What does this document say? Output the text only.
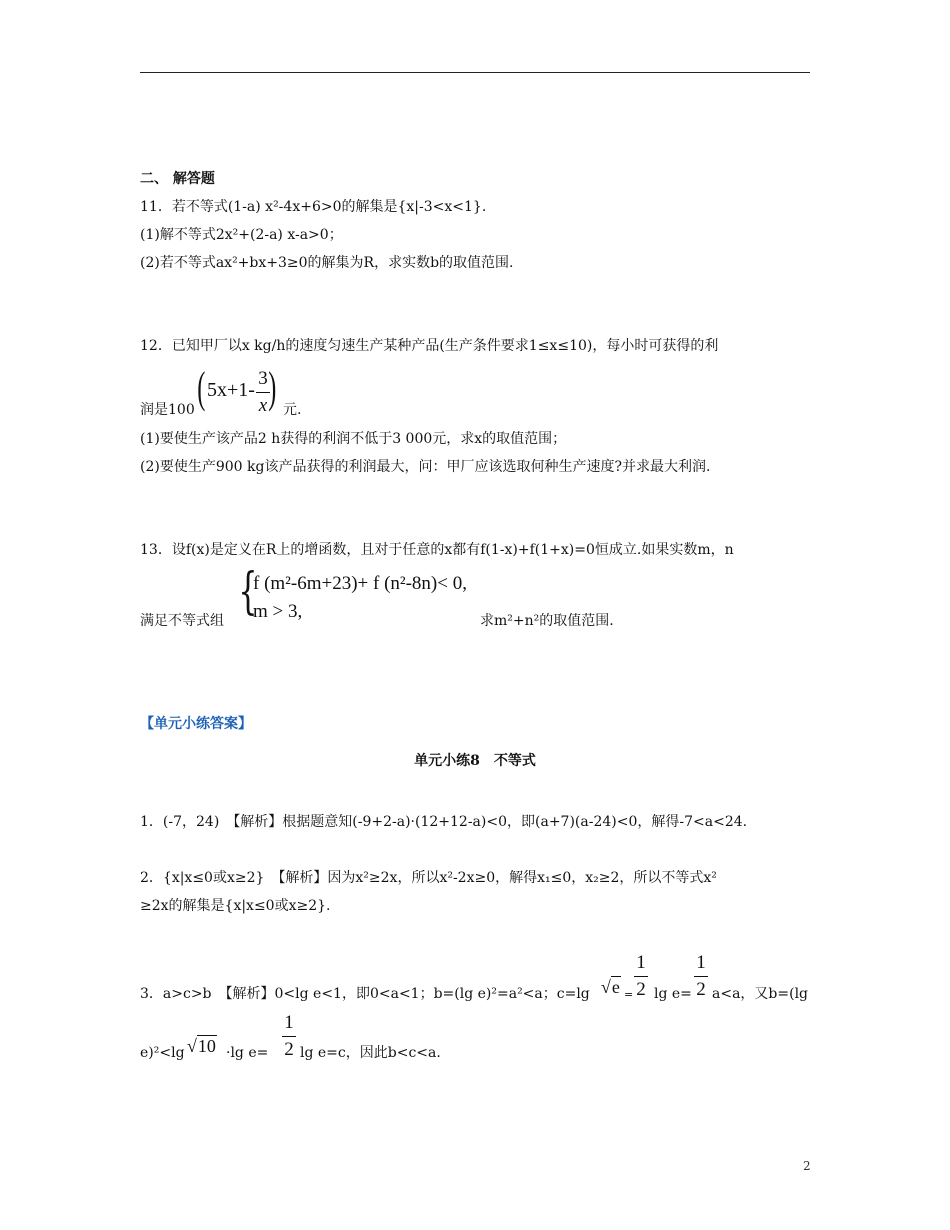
二、 解答题
11．若不等式(1-a) x²-4x+6>0的解集是{x|-3<x<1}.
(1)解不等式2x²+(2-a) x-a>0；
(2)若不等式ax²+bx+3≥0的解集为R，求实数b的取值范围.
12．已知甲厂以x kg/h的速度匀速生产某种产品(生产条件要求1≤x≤10)，每小时可获得的利
润是100 ( 5x+1-
3
x ) 元.
(1)要使生产该产品2 h获得的利润不低于3 000元，求x的取值范围；
(2)要使生产900 kg该产品获得的利润最大，问：甲厂应该选取何种生产速度?并求最大利润.
13．设f(x)是定义在R上的增函数，且对于任意的x都有f(1-x)+f(1+x)=0恒成立.如果实数m，n
{
f (m²-6m+23)+ f (n²-8n)< 0,
m > 3,
满足不等式组	求m²+n²的取值范围.
【单元小练答案】
单元小练8　不等式
1．(-7，24)　【解析】根据题意知(-9+2-a)·(12+12-a)<0，即(a+7)(a-24)<0，解得-7<a<24.
2．{x|x≤0或x≥2}　【解析】因为x²≥2x，所以x²-2x≥0，解得x₁≤0，x₂≥2，所以不等式x²
≥2x的解集是{x|x≤0或x≥2}.
3．a>c>b　【解析】0<lg e<1，即0<a<1；b=(lg e)²=a²<a；c=lg √e =
1
2 lg e=
1
2 a<a，又b=(lg
e)²<lg √10 ·lg e=
1
2 lg e=c，因此b<c<a.
2
